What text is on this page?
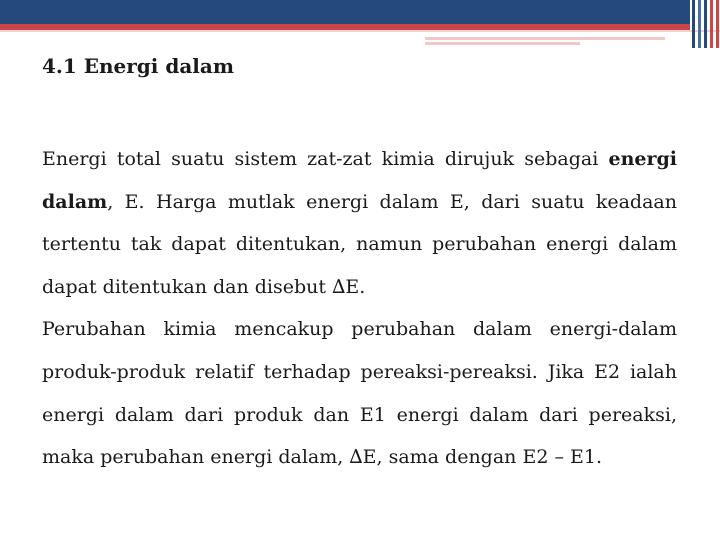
4.1 Energi dalam

Energi total suatu sistem zat-zat kimia dirujuk sebagai energi dalam, E. Harga mutlak energi dalam E, dari suatu keadaan tertentu tak dapat ditentukan, namun perubahan energi dalam dapat ditentukan dan disebut ∆E.

Perubahan kimia mencakup perubahan dalam energi-dalam produk-produk relatif terhadap pereaksi-pereaksi. Jika E2 ialah energi dalam dari produk dan E1 energi dalam dari pereaksi, maka perubahan energi dalam, ∆E, sama dengan E2 – E1.
